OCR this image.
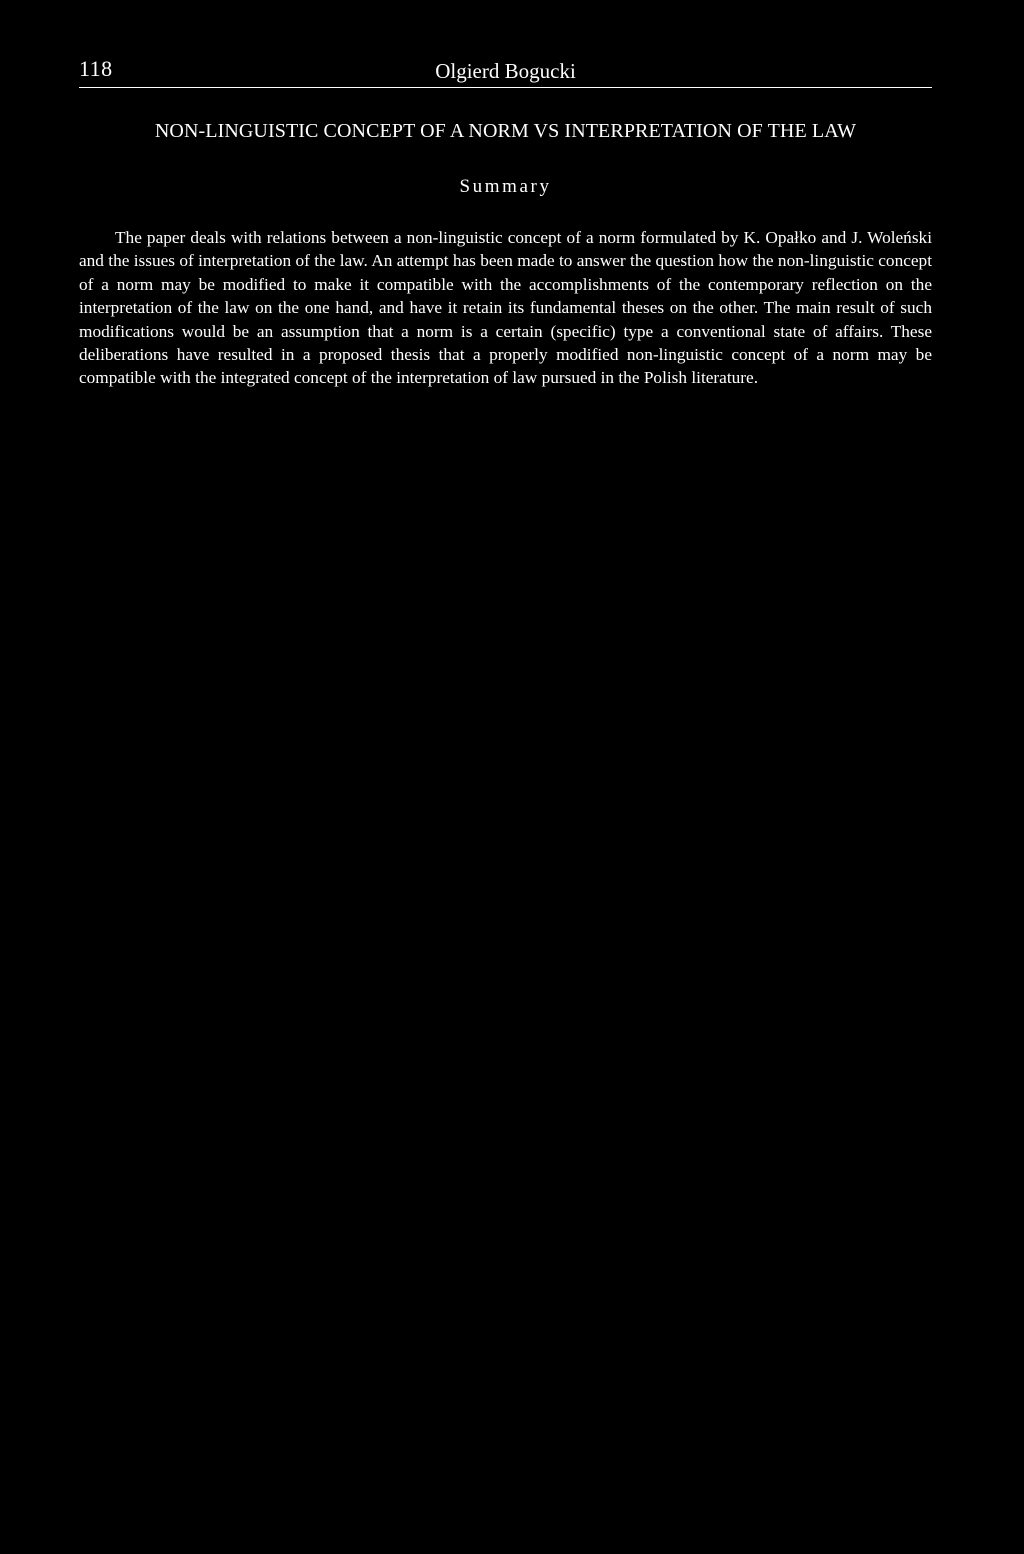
118	Olgierd Bogucki
NON-LINGUISTIC CONCEPT OF A NORM VS INTERPRETATION OF THE LAW
Summary

The paper deals with relations between a non-linguistic concept of a norm formulated by K. Opałko and J. Woleński and the issues of interpretation of the law. An attempt has been made to answer the question how the non-linguistic concept of a norm may be modified to make it compatible with the accomplishments of the contemporary reflection on the interpretation of the law on the one hand, and have it retain its fundamental theses on the other. The main result of such modifications would be an assumption that a norm is a certain (specific) type a conventional state of affairs. These deliberations have resulted in a proposed thesis that a properly modified non-linguistic concept of a norm may be compatible with the integrated concept of the interpretation of law pursued in the Polish literature.
